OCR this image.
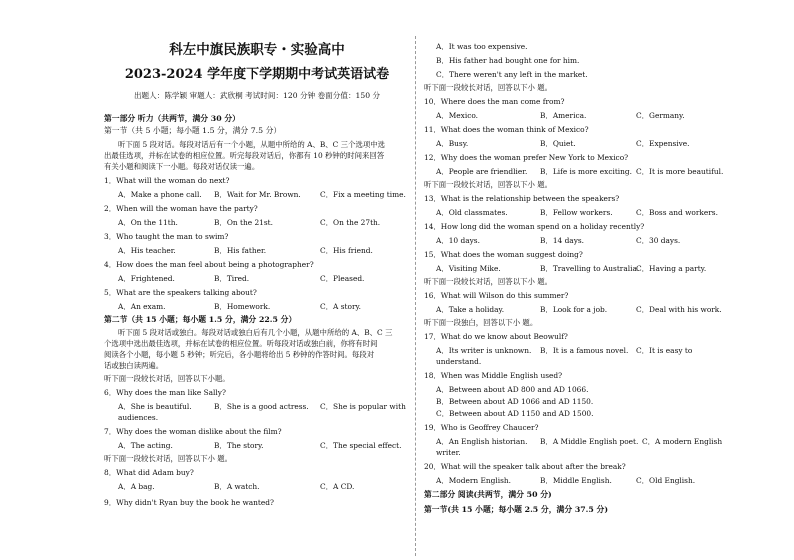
科左中旗民族职专・实验高中
2023-2024 学年度下学期期中考试英语试卷
出题人：陈学颖 审题人：武欣桐 考试时间：120 分钟 卷面分值：150 分
第一部分 听力（共两节，满分 30 分）
第一节（共 5 小题；每小题 1.5 分，满分 7.5 分）
听下面 5 段对话。每段对话后有一个小题，从题中所给的 A、B、C 三个选项中选
出最佳选项，并标在试卷的相应位置。听完每段对话后，你都有 10 秒钟的时间来回答
有关小题和阅读下一小题。每段对话仅读一遍。
1．What will the woman do next?
A．Make a phone call. B．Wait for Mr. Brown.	C．Fix a meeting time.
2．When will the woman have the party?
A．On the 11th.	B．On the 21st.	C．On the 27th.
3．Who taught the man to swim?
A．His teacher.	B．His father.	C．His friend.
4．How does the man feel about being a photographer?
A．Frightened.	B．Tired.	C．Pleased.
5．What are the speakers talking about?
A．An exam.	B．Homework.	C．A story.
第二节（共 15 小题；每小题 1.5 分，满分 22.5 分）
听下面 5 段对话或独白。每段对话或独白后有几个小题，从题中所给的 A、B、C 三
个选项中选出最佳选项，并标在试卷的相应位置。听每段对话或独白前，你将有时间
阅读各个小题，每小题 5 秒钟；听完后，各小题将给出 5 秒钟的作答时间。每段对
话或独白读两遍。
听下面一段较长对话，回答以下小题。
6．Why does the man like Sally?
A．She is beautiful.	B．She is a good actress. C．She is popular with
audiences.
7．Why does the woman dislike about the film?
A．The acting.	B．The story.	C．The special effect.
听下面一段较长对话，回答以下小 题。
8．What did Adam buy?
A．A bag.	B．A watch.	C．A CD.
9．Why didn't Ryan buy the book he wanted?
A．It was too expensive.
B．His father had bought one for him.
C．There weren't any left in the market.
听下面一段较长对话，回答以下小 题。
10．Where does the man come from?
A．Mexico.	B．America.	C．Germany.
11．What does the woman think of Mexico?
A．Busy.	B．Quiet.	C．Expensive.
12．Why does the woman prefer New York to Mexico?
A．People are friendlier. B．Life is more exciting. C．It is more beautiful.
听下面一段较长对话，回答以下小 题。
13．What is the relationship between the speakers?
A．Old classmates.	B．Fellow workers.	C．Boss and workers.
14．How long did the woman spend on a holiday recently?
A．10 days.	B．14 days.	C．30 days.
15．What does the woman suggest doing?
A．Visiting Mike.	B．Travelling to Australia.
C．Having a party.
听下面一段较长对话，回答以下小 题。
16．What will Wilson do this summer?
A．Take a holiday.	B．Look for a job.	C．Deal with his work.
听下面一段独白，回答以下小 题。
17．What do we know about Beowulf?
A．Its writer is unknown. B．It is a famous novel. C．It is easy to
understand.
18．When was Middle English used?
A．Between about AD 800 and AD 1066.
B．Between about AD 1066 and AD 1150.
C．Between about AD 1150 and AD 1500.
19．Who is Geoffrey Chaucer?
A．An English historian. B．A Middle English poet. C．A modern English
writer.
20．What will the speaker talk about after the break?
A．Modern English.	B．Middle English.	C．Old English.
第二部分 阅读(共两节，满分 50 分)
第一节(共 15 小题；每小题 2.5 分，满分 37.5 分)
